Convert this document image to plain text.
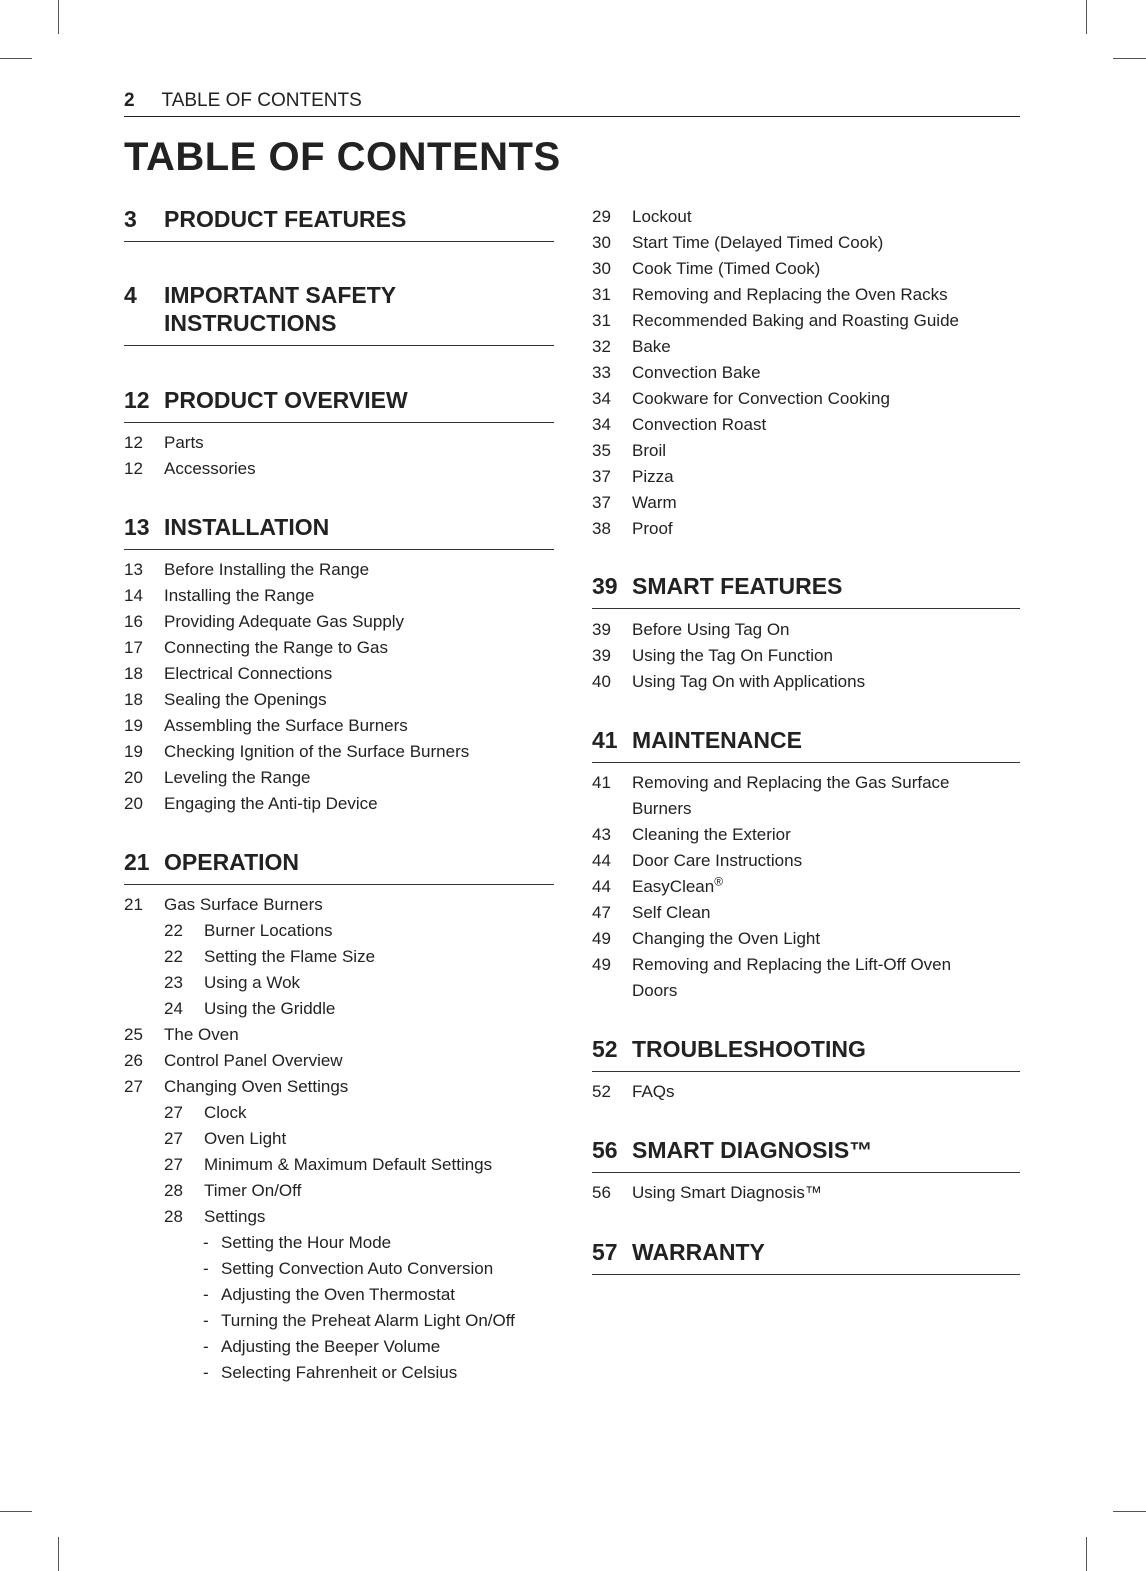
2 TABLE OF CONTENTS
TABLE OF CONTENTS
3 PRODUCT FEATURES
4 IMPORTANT SAFETY INSTRUCTIONS
12 PRODUCT OVERVIEW
12	Parts
12	Accessories
13 INSTALLATION
13	Before Installing the Range
14	Installing the Range
16	Providing Adequate Gas Supply
17	Connecting the Range to Gas
18	Electrical Connections
18	Sealing the Openings
19	Assembling the Surface Burners
19	Checking Ignition of the Surface Burners
20	Leveling the Range
20	Engaging the Anti-tip Device
21 OPERATION
21	Gas Surface Burners
22	Burner Locations
22	Setting the Flame Size
23	Using a Wok
24	Using the Griddle
25	The Oven
26	Control Panel Overview
27	Changing Oven Settings
27	Clock
27	Oven Light
27	Minimum & Maximum Default Settings
28	Timer On/Off
28	Settings
Setting the Hour Mode
Setting Convection Auto Conversion
Adjusting the Oven Thermostat
Turning the Preheat Alarm Light On/Off
Adjusting the Beeper Volume
Selecting Fahrenheit or Celsius
29	Lockout
30	Start Time (Delayed Timed Cook)
30	Cook Time (Timed Cook)
31	Removing and Replacing the Oven Racks
31	Recommended Baking and Roasting Guide
32	Bake
33	Convection Bake
34	Cookware for Convection Cooking
34	Convection Roast
35	Broil
37	Pizza
37	Warm
38	Proof
39 SMART FEATURES
39	Before Using Tag On
39	Using the Tag On Function
40	Using Tag On with Applications
41 MAINTENANCE
41	Removing and Replacing the Gas Surface Burners
43	Cleaning the Exterior
44	Door Care Instructions
44	EasyClean®
47	Self Clean
49	Changing the Oven Light
49	Removing and Replacing the Lift-Off Oven Doors
52 TROUBLESHOOTING
52	FAQs
56 SMART DIAGNOSIS™
56	Using Smart Diagnosis™
57 WARRANTY
